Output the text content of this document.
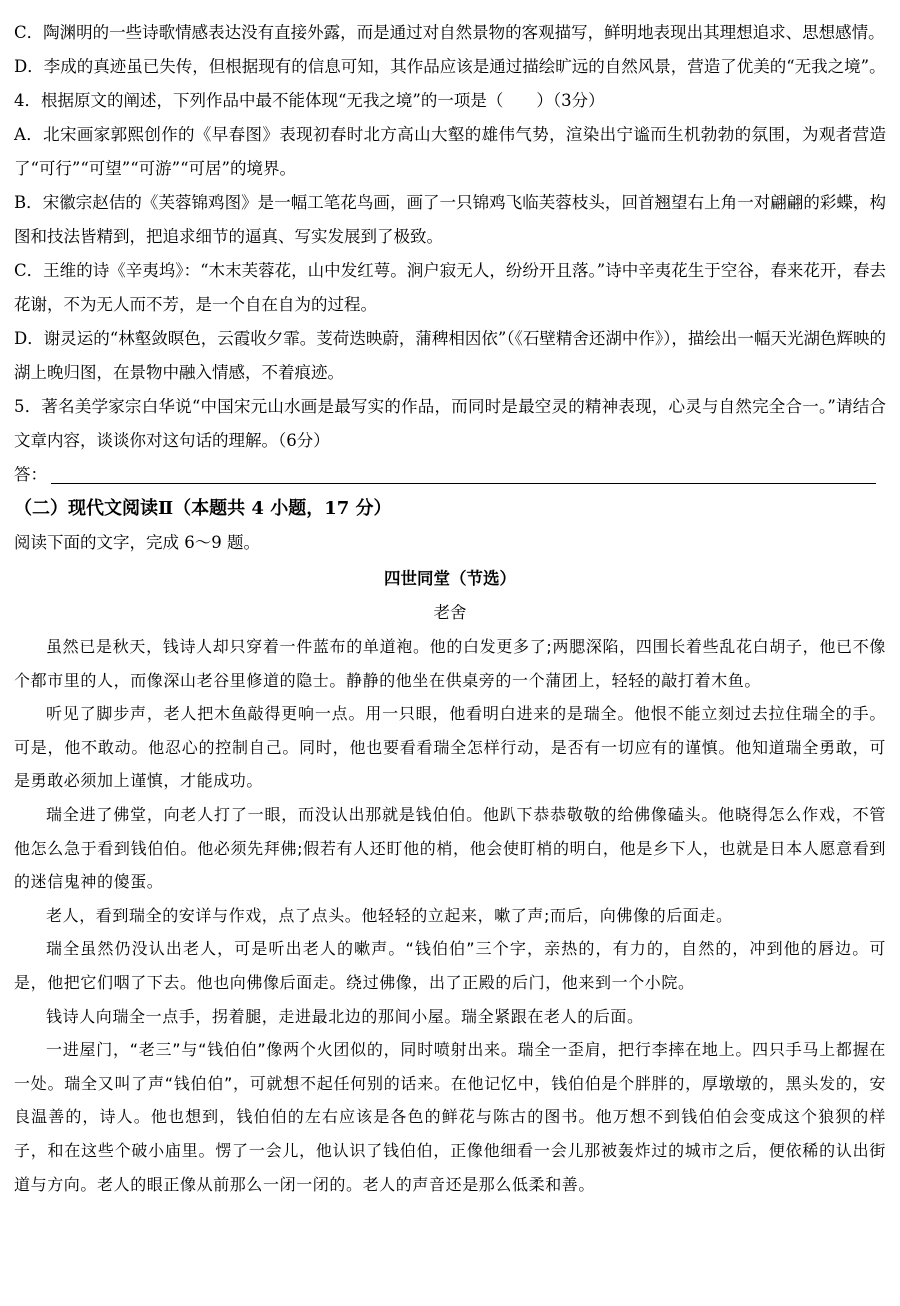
C．陶渊明的一些诗歌情感表达没有直接外露，而是通过对自然景物的客观描写，鲜明地表现出其理想追求、思想感情。

D．李成的真迹虽已失传，但根据现有的信息可知，其作品应该是通过描绘旷远的自然风景，营造了优美的“无我之境”。

4．根据原文的阐述，下列作品中最不能体现“无我之境”的一项是（　　）（3分）

A．北宋画家郭熙创作的《早春图》表现初春时北方高山大壑的雄伟气势，渲染出宁谧而生机勃勃的氛围，为观者营造了“可行”“可望”“可游”“可居”的境界。

B．宋徽宗赵佶的《芙蓉锦鸡图》是一幅工笔花鸟画，画了一只锦鸡飞临芙蓉枝头，回首翘望右上角一对翩翩的彩蝶，构图和技法皆精到，把追求细节的逼真、写实发展到了极致。

C．王维的诗《辛夷坞》：“木末芙蓉花，山中发红萼。涧户寂无人，纷纷开且落。”诗中辛夷花生于空谷，春来花开，春去花谢，不为无人而不芳，是一个自在自为的过程。

D．谢灵运的“林壑敛暝色，云霞收夕霏。芰荷迭映蔚，蒲稗相因依”（《石壁精舍还湖中作》），描绘出一幅天光湖色辉映的湖上晚归图，在景物中融入情感，不着痕迹。

5．著名美学家宗白华说“中国宋元山水画是最写实的作品，而同时是最空灵的精神表现，心灵与自然完全合一。”请结合文章内容，谈谈你对这句话的理解。（6分）

答：

（二）现代文阅读Ⅱ（本题共 4 小题，17 分）

阅读下面的文字，完成 6～9 题。

四世同堂（节选）

老舍

虽然已是秋天，钱诗人却只穿着一件蓝布的单道袍。他的白发更多了;两腮深陷，四围长着些乱花白胡子，他已不像个都市里的人，而像深山老谷里修道的隐士。静静的他坐在供桌旁的一个蒲团上，轻轻的敲打着木鱼。

听见了脚步声，老人把木鱼敲得更响一点。用一只眼，他看明白进来的是瑞全。他恨不能立刻过去拉住瑞全的手。可是，他不敢动。他忍心的控制自己。同时，他也要看看瑞全怎样行动，是否有一切应有的谨慎。他知道瑞全勇敢，可是勇敢必须加上谨慎，才能成功。

瑞全进了佛堂，向老人打了一眼，而没认出那就是钱伯伯。他趴下恭恭敬敬的给佛像磕头。他晓得怎么作戏，不管他怎么急于看到钱伯伯。他必须先拜佛;假若有人还盯他的梢，他会使盯梢的明白，他是乡下人，也就是日本人愿意看到的迷信鬼神的傻蛋。

老人，看到瑞全的安详与作戏，点了点头。他轻轻的立起来，嗽了声;而后，向佛像的后面走。

瑞全虽然仍没认出老人，可是听出老人的嗽声。“钱伯伯”三个字，亲热的，有力的，自然的，冲到他的唇边。可是，他把它们咽了下去。他也向佛像后面走。绕过佛像，出了正殿的后门，他来到一个小院。

钱诗人向瑞全一点手，拐着腿，走进最北边的那间小屋。瑞全紧跟在老人的后面。

一进屋门，“老三”与“钱伯伯”像两个火团似的，同时喷射出来。瑞全一歪肩，把行李摔在地上。四只手马上都握在一处。瑞全又叫了声“钱伯伯”，可就想不起任何别的话来。在他记忆中，钱伯伯是个胖胖的，厚墩墩的，黑头发的，安良温善的，诗人。他也想到，钱伯伯的左右应该是各色的鲜花与陈古的图书。他万想不到钱伯伯会变成这个狼狈的样子，和在这些个破小庙里。愣了一会儿，他认识了钱伯伯，正像他细看一会儿那被轰炸过的城市之后，便依稀的认出街道与方向。老人的眼正像从前那么一闭一闭的。老人的声音还是那么低柔和善。
